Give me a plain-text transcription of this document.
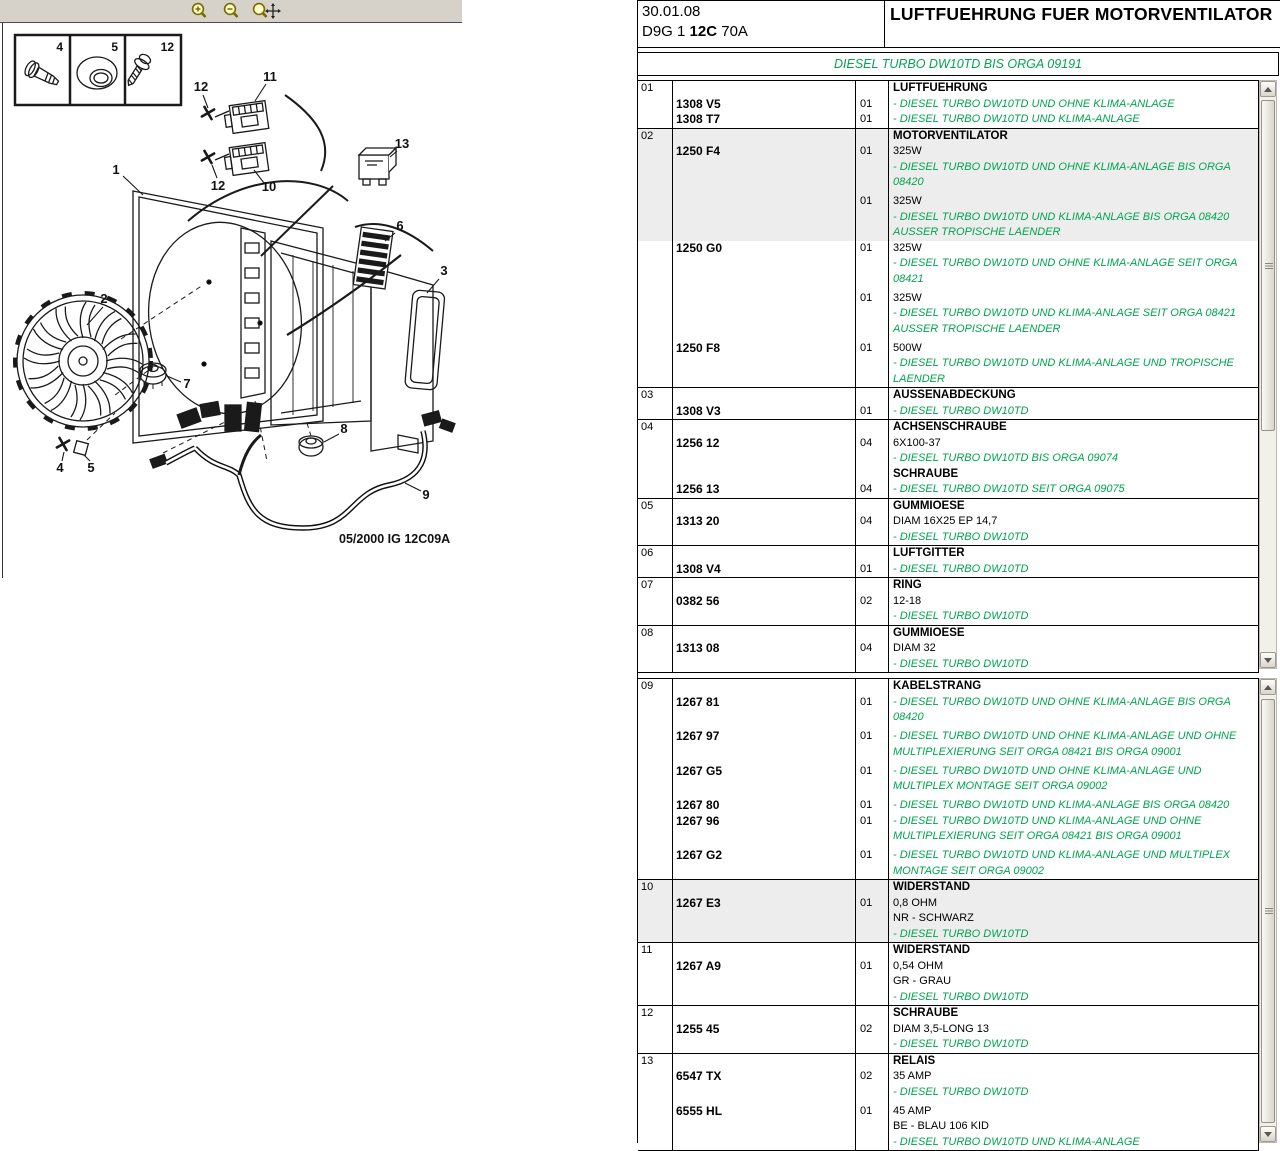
4	5	12
1
2
3
6
13
11
12
10
12
7
8
9
4 5
05/2000 IG 12C09A
30.01.08
D9G 1 12C 70A
LUFTFUEHRUNG FUER MOTORVENTILATOR
DIESEL TURBO DW10TD BIS ORGA 09191
01	LUFTFUEHRUNG
1308 V5	01	- DIESEL TURBO DW10TD UND OHNE KLIMA-ANLAGE
1308 T7	01	- DIESEL TURBO DW10TD UND KLIMA-ANLAGE
02	MOTORVENTILATOR
1250 F4	01	325W
- DIESEL TURBO DW10TD UND OHNE KLIMA-ANLAGE BIS ORGA
08420
01	325W
- DIESEL TURBO DW10TD UND KLIMA-ANLAGE BIS ORGA 08420
AUSSER TROPISCHE LAENDER
1250 G0	01	325W
- DIESEL TURBO DW10TD UND OHNE KLIMA-ANLAGE SEIT ORGA
08421
01	325W
- DIESEL TURBO DW10TD UND KLIMA-ANLAGE SEIT ORGA 08421
AUSSER TROPISCHE LAENDER
1250 F8	01	500W
- DIESEL TURBO DW10TD UND KLIMA-ANLAGE UND TROPISCHE
LAENDER
03	AUSSENABDECKUNG
1308 V3	01	- DIESEL TURBO DW10TD
04	ACHSENSCHRAUBE
1256 12	04	6X100-37
- DIESEL TURBO DW10TD BIS ORGA 09074
SCHRAUBE
1256 13	04	- DIESEL TURBO DW10TD SEIT ORGA 09075
05	GUMMIOESE
1313 20	04	DIAM 16X25 EP 14,7
- DIESEL TURBO DW10TD
06	LUFTGITTER
1308 V4	01	- DIESEL TURBO DW10TD
07	RING
0382 56	02	12-18
- DIESEL TURBO DW10TD
08	GUMMIOESE
1313 08	04	DIAM 32
- DIESEL TURBO DW10TD
09	KABELSTRANG
1267 81	01	- DIESEL TURBO DW10TD UND OHNE KLIMA-ANLAGE BIS ORGA
08420
1267 97	01	- DIESEL TURBO DW10TD UND OHNE KLIMA-ANLAGE UND OHNE
MULTIPLEXIERUNG SEIT ORGA 08421 BIS ORGA 09001
1267 G5	01	- DIESEL TURBO DW10TD UND OHNE KLIMA-ANLAGE UND
MULTIPLEX MONTAGE SEIT ORGA 09002
1267 80	01	- DIESEL TURBO DW10TD UND KLIMA-ANLAGE BIS ORGA 08420
1267 96	01	- DIESEL TURBO DW10TD UND KLIMA-ANLAGE UND OHNE
MULTIPLEXIERUNG SEIT ORGA 08421 BIS ORGA 09001
1267 G2	01	- DIESEL TURBO DW10TD UND KLIMA-ANLAGE UND MULTIPLEX
MONTAGE SEIT ORGA 09002
10	WIDERSTAND
1267 E3	01	0,8 OHM
NR - SCHWARZ
- DIESEL TURBO DW10TD
11	WIDERSTAND
1267 A9	01	0,54 OHM
GR - GRAU
- DIESEL TURBO DW10TD
12	SCHRAUBE
1255 45	02	DIAM 3,5-LONG 13
- DIESEL TURBO DW10TD
13	RELAIS
6547 TX	02	35 AMP
- DIESEL TURBO DW10TD
6555 HL	01	45 AMP
BE - BLAU 106 KID
- DIESEL TURBO DW10TD UND KLIMA-ANLAGE
